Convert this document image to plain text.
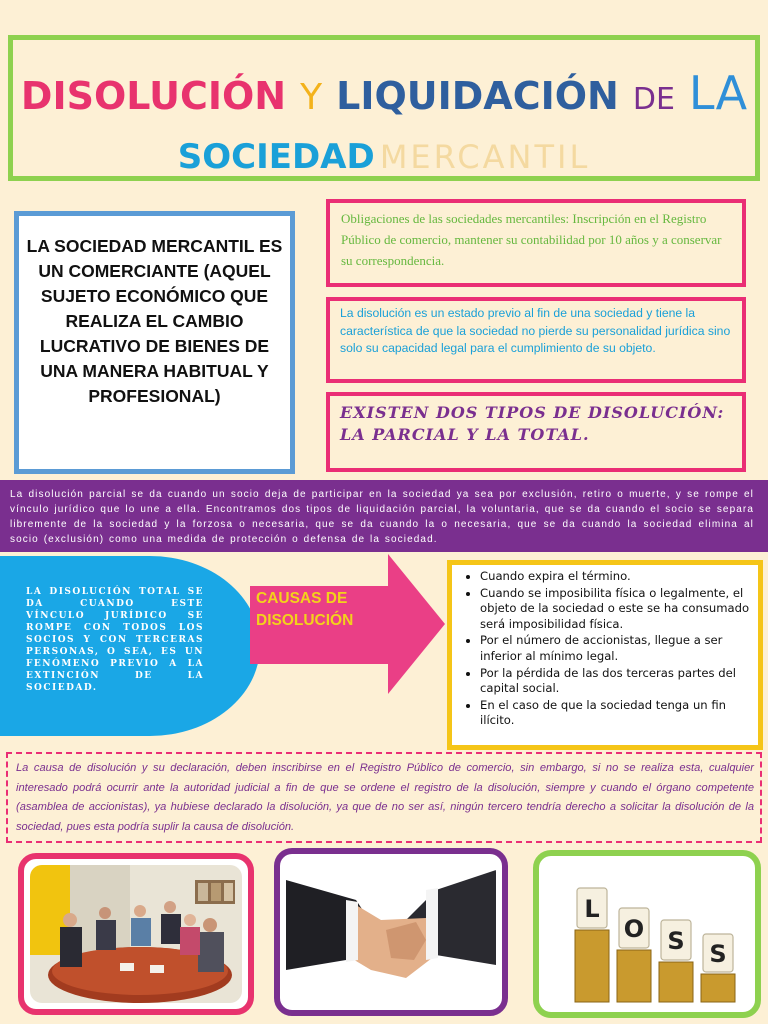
DISOLUCIÓN Y LIQUIDACIÓN DE LA
SOCIEDAD MERCANTIL
LA SOCIEDAD MERCANTIL ES UN COMERCIANTE (AQUEL SUJETO ECONÓMICO QUE REALIZA EL CAMBIO LUCRATIVO DE BIENES DE UNA MANERA HABITUAL Y PROFESIONAL)
Obligaciones de las sociedades mercantiles: Inscripción en el Registro Público de comercio, mantener su contabilidad por 10 años y a conservar su correspondencia.
La disolución es un estado previo al fin de una sociedad y tiene la característica de que la sociedad no pierde su personalidad jurídica sino solo su capacidad legal para el cumplimiento de su objeto.
EXISTEN DOS TIPOS DE DISOLUCIÓN: LA PARCIAL Y LA TOTAL.
La disolución parcial se da cuando un socio deja de participar en la sociedad ya sea por exclusión, retiro o muerte, y se rompe el vínculo jurídico que lo une a ella. Encontramos dos tipos de liquidación parcial, la voluntaria, que se da cuando el socio se separa libremente de la sociedad y la forzosa o necesaria, que se da cuando la o necesaria, que se da cuando la sociedad elimina al socio (exclusión) como una medida de protección o defensa de la sociedad.
LA DISOLUCIÓN TOTAL SE DA CUANDO ESTE VÍNCULO JURÍDICO SE ROMPE CON TODOS LOS SOCIOS Y CON TERCERAS PERSONAS, O SEA, ES UN FENÓMENO PREVIO A LA EXTINCIÓN DE LA SOCIEDAD.
CAUSAS DE DISOLUCIÓN
• Cuando expira el término.
• Cuando se imposibilita física o legalmente, el objeto de la sociedad o este se ha consumado será imposibilidad física.
• Por el número de accionistas, llegue a ser inferior al mínimo legal.
• Por la pérdida de las dos terceras partes del capital social.
• En el caso de que la sociedad tenga un fin ilícito.
La causa de disolución y su declaración, deben inscribirse en el Registro Público de comercio, sin embargo, si no se realiza esta, cualquier interesado podrá ocurrir ante la autoridad judicial a fin de que se ordene el registro de la disolución, siempre y cuando el órgano competente (asamblea de accionistas), ya hubiese declarado la disolución, ya que de no ser así, ningún tercero tendría derecho a solicitar la disolución de la sociedad, pues esta podría suplir la causa de disolución.
L
O S S
